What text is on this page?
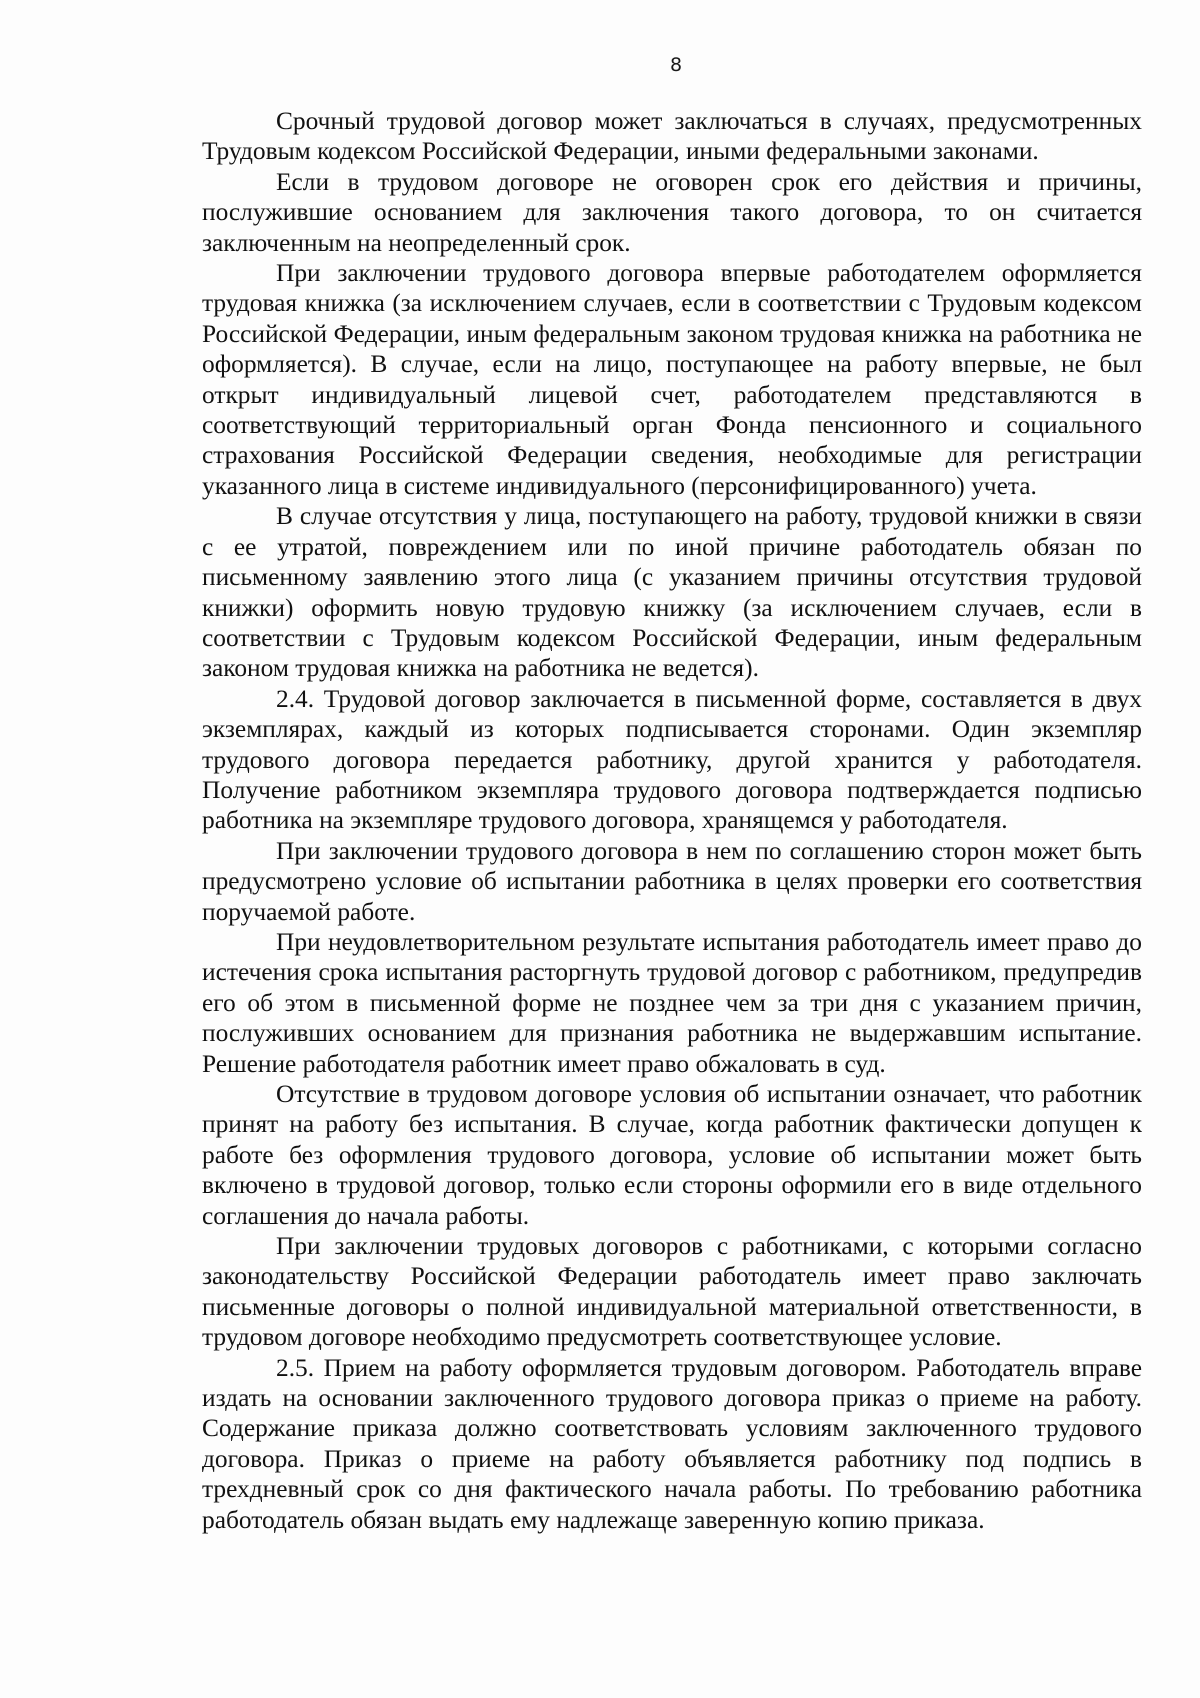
8

Срочный трудовой договор может заключаться в случаях, предусмотренных Трудовым кодексом Российской Федерации, иными федеральными законами.

Если в трудовом договоре не оговорен срок его действия и причины, послужившие основанием для заключения такого договора, то он считается заключенным на неопределенный срок.

При заключении трудового договора впервые работодателем оформляется трудовая книжка (за исключением случаев, если в соответствии с Трудовым кодексом Российской Федерации, иным федеральным законом трудовая книжка на работника не оформляется). В случае, если на лицо, поступающее на работу впервые, не был открыт индивидуальный лицевой счет, работодателем представляются в соответствующий территориальный орган Фонда пенсионного и социального страхования Российской Федерации сведения, необходимые для регистрации указанного лица в системе индивидуального (персонифицированного) учета.

В случае отсутствия у лица, поступающего на работу, трудовой книжки в связи с ее утратой, повреждением или по иной причине работодатель обязан по письменному заявлению этого лица (с указанием причины отсутствия трудовой книжки) оформить новую трудовую книжку (за исключением случаев, если в соответствии с Трудовым кодексом Российской Федерации, иным федеральным законом трудовая книжка на работника не ведется).

2.4. Трудовой договор заключается в письменной форме, составляется в двух экземплярах, каждый из которых подписывается сторонами. Один экземпляр трудового договора передается работнику, другой хранится у работодателя. Получение работником экземпляра трудового договора подтверждается подписью работника на экземпляре трудового договора, хранящемся у работодателя.

При заключении трудового договора в нем по соглашению сторон может быть предусмотрено условие об испытании работника в целях проверки его соответствия поручаемой работе.

При неудовлетворительном результате испытания работодатель имеет право до истечения срока испытания расторгнуть трудовой договор с работником, предупредив его об этом в письменной форме не позднее чем за три дня с указанием причин, послуживших основанием для признания работника не выдержавшим испытание. Решение работодателя работник имеет право обжаловать в суд.

Отсутствие в трудовом договоре условия об испытании означает, что работник принят на работу без испытания. В случае, когда работник фактически допущен к работе без оформления трудового договора, условие об испытании может быть включено в трудовой договор, только если стороны оформили его в виде отдельного соглашения до начала работы.

При заключении трудовых договоров с работниками, с которыми согласно законодательству Российской Федерации работодатель имеет право заключать письменные договоры о полной индивидуальной материальной ответственности, в трудовом договоре необходимо предусмотреть соответствующее условие.

2.5. Прием на работу оформляется трудовым договором. Работодатель вправе издать на основании заключенного трудового договора приказ о приеме на работу. Содержание приказа должно соответствовать условиям заключенного трудового договора. Приказ о приеме на работу объявляется работнику под подпись в трехдневный срок со дня фактического начала работы. По требованию работника работодатель обязан выдать ему надлежаще заверенную копию приказа.
